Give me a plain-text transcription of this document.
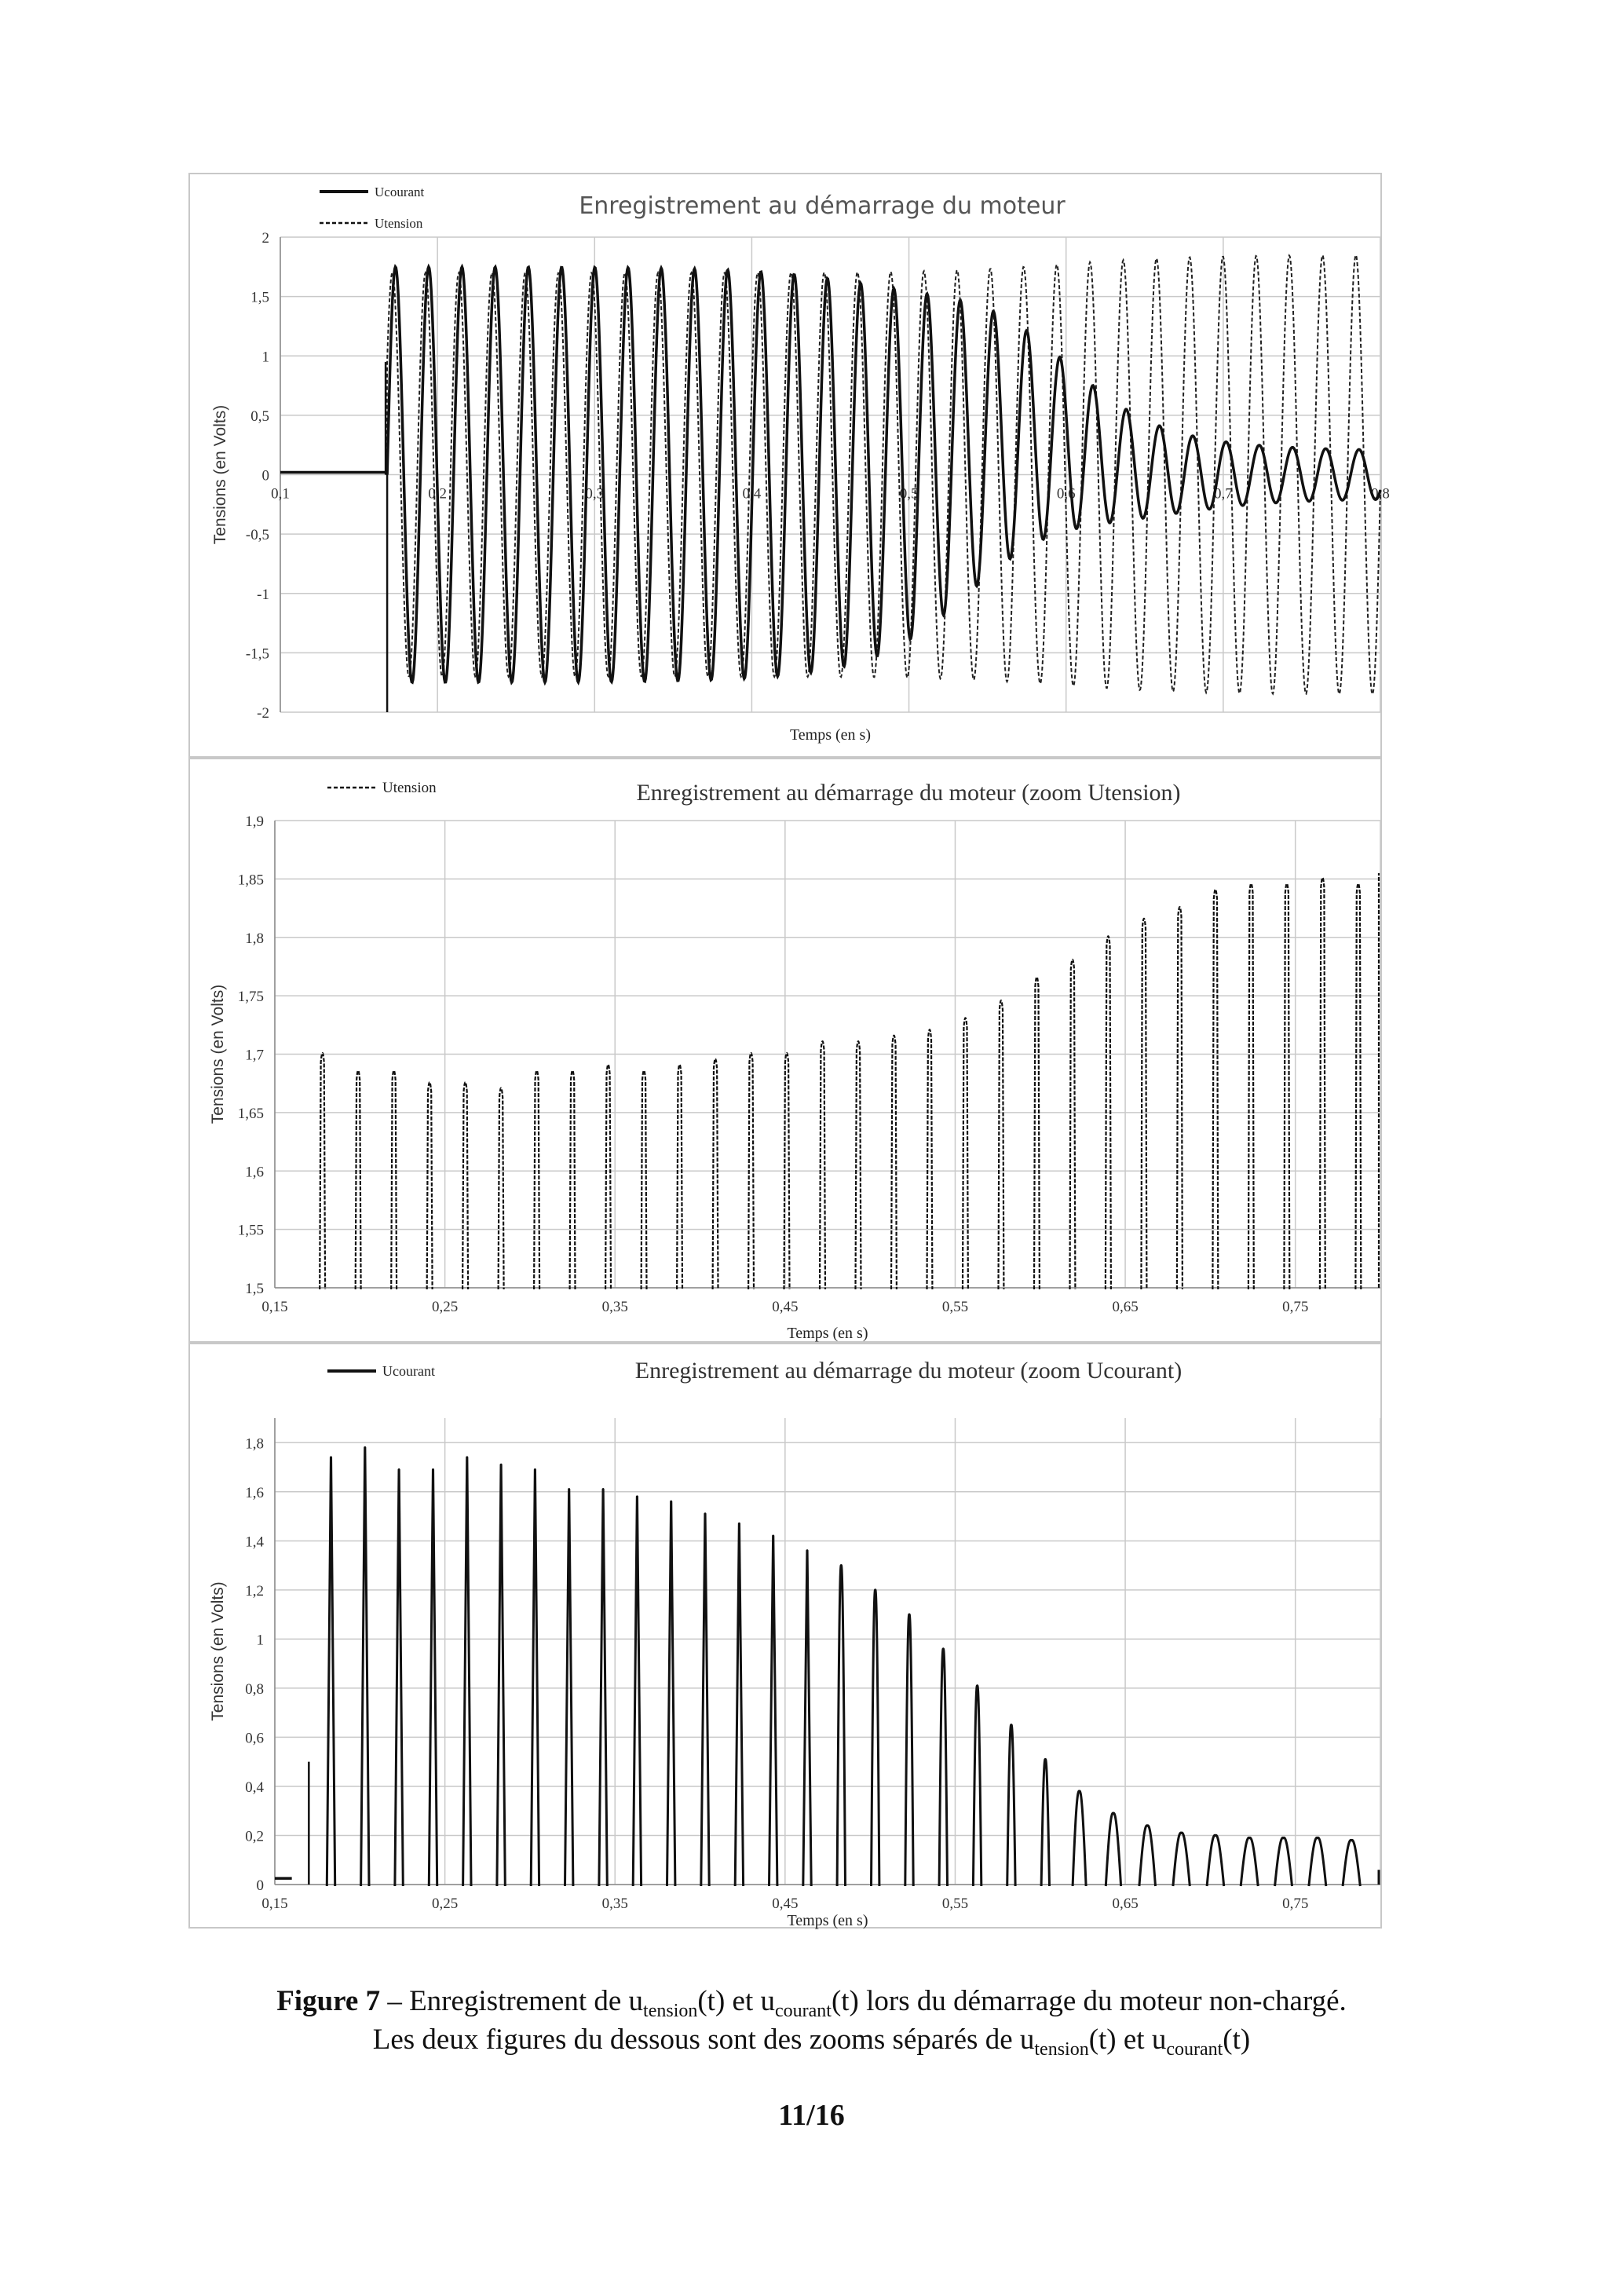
-2
-1,5
-1
-0,5
0
0,5
1
1,5
2
Enregistrement au démarrage du moteur
Temps (en s)
Tensions (en Volts)	0,1	0,2	0,3	0,4	0,5	0,6	0,7	0,8
Ucourant
Utension
1,5
1,55
1,6
1,65
1,7
1,75
1,8
1,85
1,9
Enregistrement au démarrage du moteur (zoom Utension)
Temps (en s)
Tensions (en Volts)
0,15	0,25	0,35	0,45	0,55	0,65	0,75
Utension
0
0,2
0,4
0,6
0,8
1
1,2
1,4
1,6
1,8
Enregistrement au démarrage du moteur (zoom Ucourant)
Temps (en s)
Tensions (en Volts)
0,15	0,25	0,35	0,45	0,55	0,65	0,75
Ucourant
Figure 7 – Enregistrement de $u_{tension}(t)$ et $u_{courant}(t)$ lors du démarrage du moteur non-chargé.
Les deux figures du dessous sont des zooms séparés de $u_{tension}(t)$ et $u_{courant}(t)$
11/16
